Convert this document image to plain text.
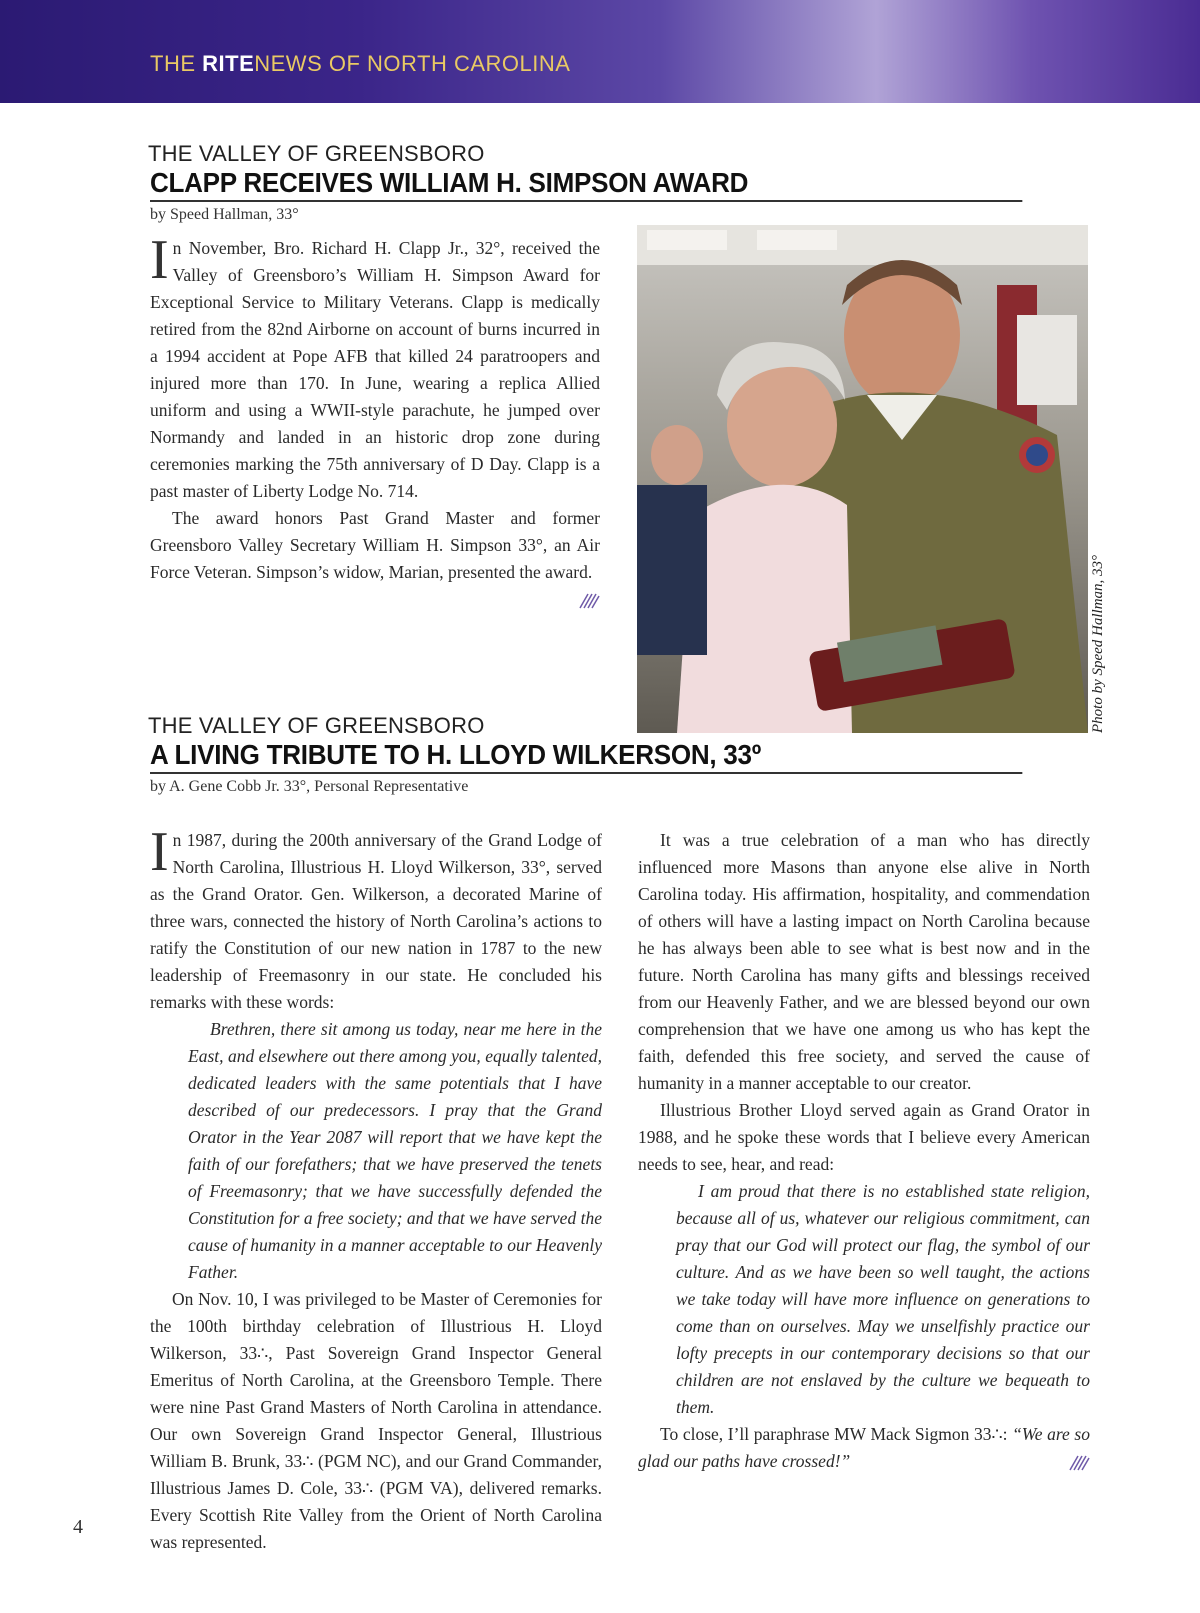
THE RITENEWS OF NORTH CAROLINA
THE VALLEY OF GREENSBORO
CLAPP RECEIVES WILLIAM H. SIMPSON AWARD
by Speed Hallman, 33°

In November, Bro. Richard H. Clapp Jr., 32°, received the Valley of Greensboro’s William H. Simpson Award for Exceptional Service to Military Veterans. Clapp is medically retired from the 82nd Airborne on account of burns incurred in a 1994 accident at Pope AFB that killed 24 paratroopers and injured more than 170. In June, wearing a replica Allied uniform and using a WWII-style parachute, he jumped over Normandy and landed in an historic drop zone during ceremonies marking the 75th anniversary of D Day. Clapp is a past master of Liberty Lodge No. 714.

The award honors Past Grand Master and former Greensboro Valley Secretary William H. Simpson 33°, an Air Force Veteran. Simpson’s widow, Marian, presented the award.	Photo by Speed Hallman, 33°
THE VALLEY OF GREENSBORO
A LIVING TRIBUTE TO H. LLOYD WILKERSON, 33º
by A. Gene Cobb Jr. 33°, Personal Representative

In 1987, during the 200th anniversary of the Grand Lodge of North Carolina, Illustrious H. Lloyd Wilkerson, 33°, served as the Grand Orator. Gen. Wilkerson, a decorated Marine of three wars, connected the history of North Carolina’s actions to ratify the Constitution of our new nation in 1787 to the new leadership of Freemasonry in our state. He concluded his remarks with these words:

Brethren, there sit among us today, near me here in the East, and elsewhere out there among you, equally talented, dedicated leaders with the same potentials that I have described of our predecessors. I pray that the Grand Orator in the Year 2087 will report that we have kept the faith of our forefathers; that we have preserved the tenets of Freemasonry; that we have successfully defended the Constitution for a free society; and that we have served the cause of humanity in a manner acceptable to our Heavenly Father.

On Nov. 10, I was privileged to be Master of Ceremonies for the 100th birthday celebration of Illustrious H. Lloyd Wilkerson, 33∴, Past Sovereign Grand Inspector General Emeritus of North Carolina, at the Greensboro Temple. There were nine Past Grand Masters of North Carolina in attendance. Our own Sovereign Grand Inspector General, Illustrious William B. Brunk, 33∴ (PGM NC), and our Grand Commander, Illustrious James D. Cole, 33∴ (PGM VA), delivered remarks. Every Scottish Rite Valley from the Orient of North Carolina was represented.

It was a true celebration of a man who has directly influenced more Masons than anyone else alive in North Carolina today. His affirmation, hospitality, and commendation of others will have a lasting impact on North Carolina because he has always been able to see what is best now and in the future. North Carolina has many gifts and blessings received from our Heavenly Father, and we are blessed beyond our own comprehension that we have one among us who has kept the faith, defended this free society, and served the cause of humanity in a manner acceptable to our creator.

Illustrious Brother Lloyd served again as Grand Orator in 1988, and he spoke these words that I believe every American needs to see, hear, and read:

I am proud that there is no established state religion, because all of us, whatever our religious commitment, can pray that our God will protect our flag, the symbol of our culture. And as we have been so well taught, the actions we take today will have more influence on generations to come than on ourselves. May we unselfishly practice our lofty precepts in our contemporary decisions so that our children are not enslaved by the culture we bequeath to them.

To close, I’ll paraphrase MW Mack Sigmon 33∴: “We are so glad our paths have crossed!”

4
